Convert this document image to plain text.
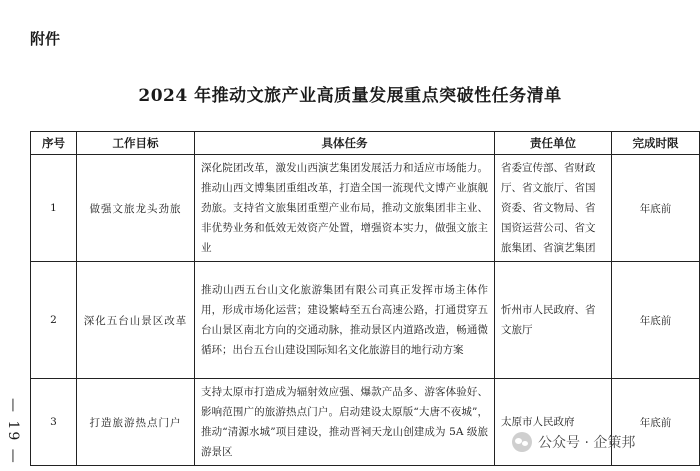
附件
2024 年推动文旅产业高质量发展重点突破性任务清单
序号	工作目标	具体任务	责任单位	完成时限
1	做强文旅龙头劲旅	深化院团改革，激发山西演艺集团发展活力和适应市场能力。推动山西文博集团重组改革，打造全国一流现代文博产业旗舰劲旅。支持省文旅集团重塑产业布局，推动文旅集团非主业、非优势业务和低效无效资产处置，增强资本实力，做强文旅主业	省委宣传部、省财政厅、省文旅厅、省国资委、省文物局、省国资运营公司、省文旅集团、省演艺集团	年底前
2	深化五台山景区改革	推动山西五台山文化旅游集团有限公司真正发挥市场主体作用，形成市场化运营；建设繁峙至五台高速公路，打通贯穿五台山景区南北方向的交通动脉，推动景区内道路改造，畅通微循环；出台五台山建设国际知名文化旅游目的地行动方案	忻州市人民政府、省文旅厅	年底前
3	打造旅游热点门户	支持太原市打造成为辐射效应强、爆款产品多、游客体验好、影响范围广的旅游热点门户。启动建设太原版“大唐不夜城”，推动“清源水城”项目建设，推动晋祠天龙山创建成为 5A 级旅游景区	太原市人民政府	年底前
— 19 —	公众号 · 企策邦
